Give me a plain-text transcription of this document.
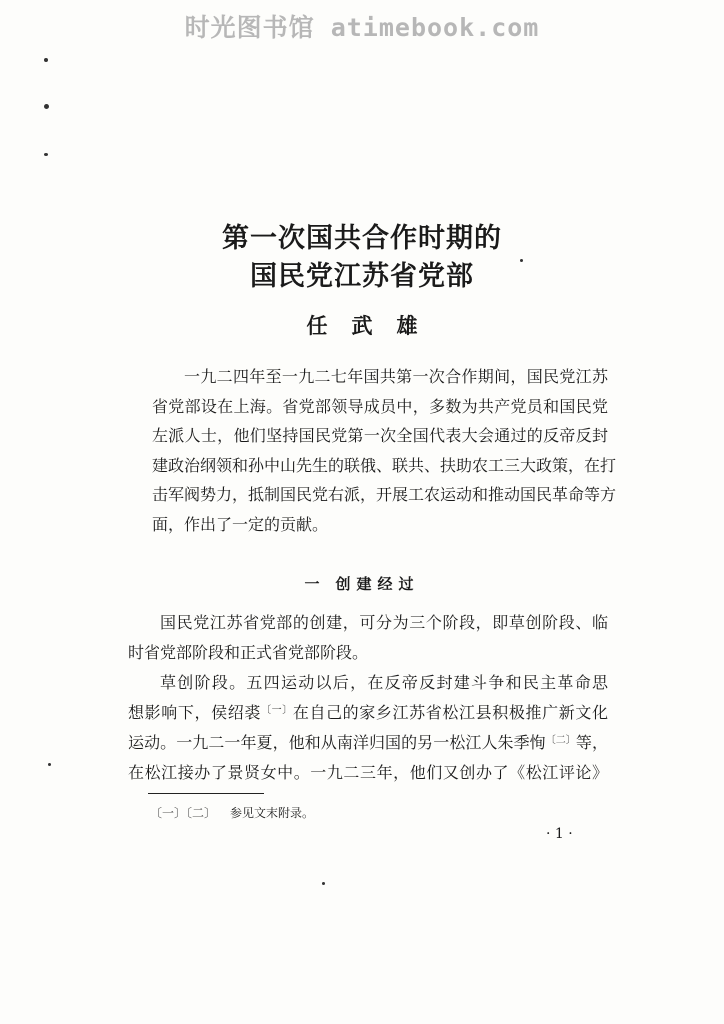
时光图书馆 atimebook.com
第一次国共合作时期的
国民党江苏省党部
任武雄
一九二四年至一九二七年国共第一次合作期间，国民党江苏
省党部设在上海。省党部领导成员中，多数为共产党员和国民党
左派人士，他们坚持国民党第一次全国代表大会通过的反帝反封
建政治纲领和孙中山先生的联俄、联共、扶助农工三大政策，在打
击军阀势力，抵制国民党右派，开展工农运动和推动国民革命等方
面，作出了一定的贡献。
一 创建经过
国民党江苏省党部的创建，可分为三个阶段，即草创阶段、临
时省党部阶段和正式省党部阶段。
草创阶段。五四运动以后，在反帝反封建斗争和民主革命思
想影响下，侯绍裘$^{〔一〕}$在自己的家乡江苏省松江县积极推广新文化
运动。一九二一年夏，他和从南洋归国的另一松江人朱季恂$^{〔二〕}$等，
在松江接办了景贤女中。一九二三年，他们又创办了《松江评论》
〔一〕〔二〕 参见文末附录。
· 1 ·
